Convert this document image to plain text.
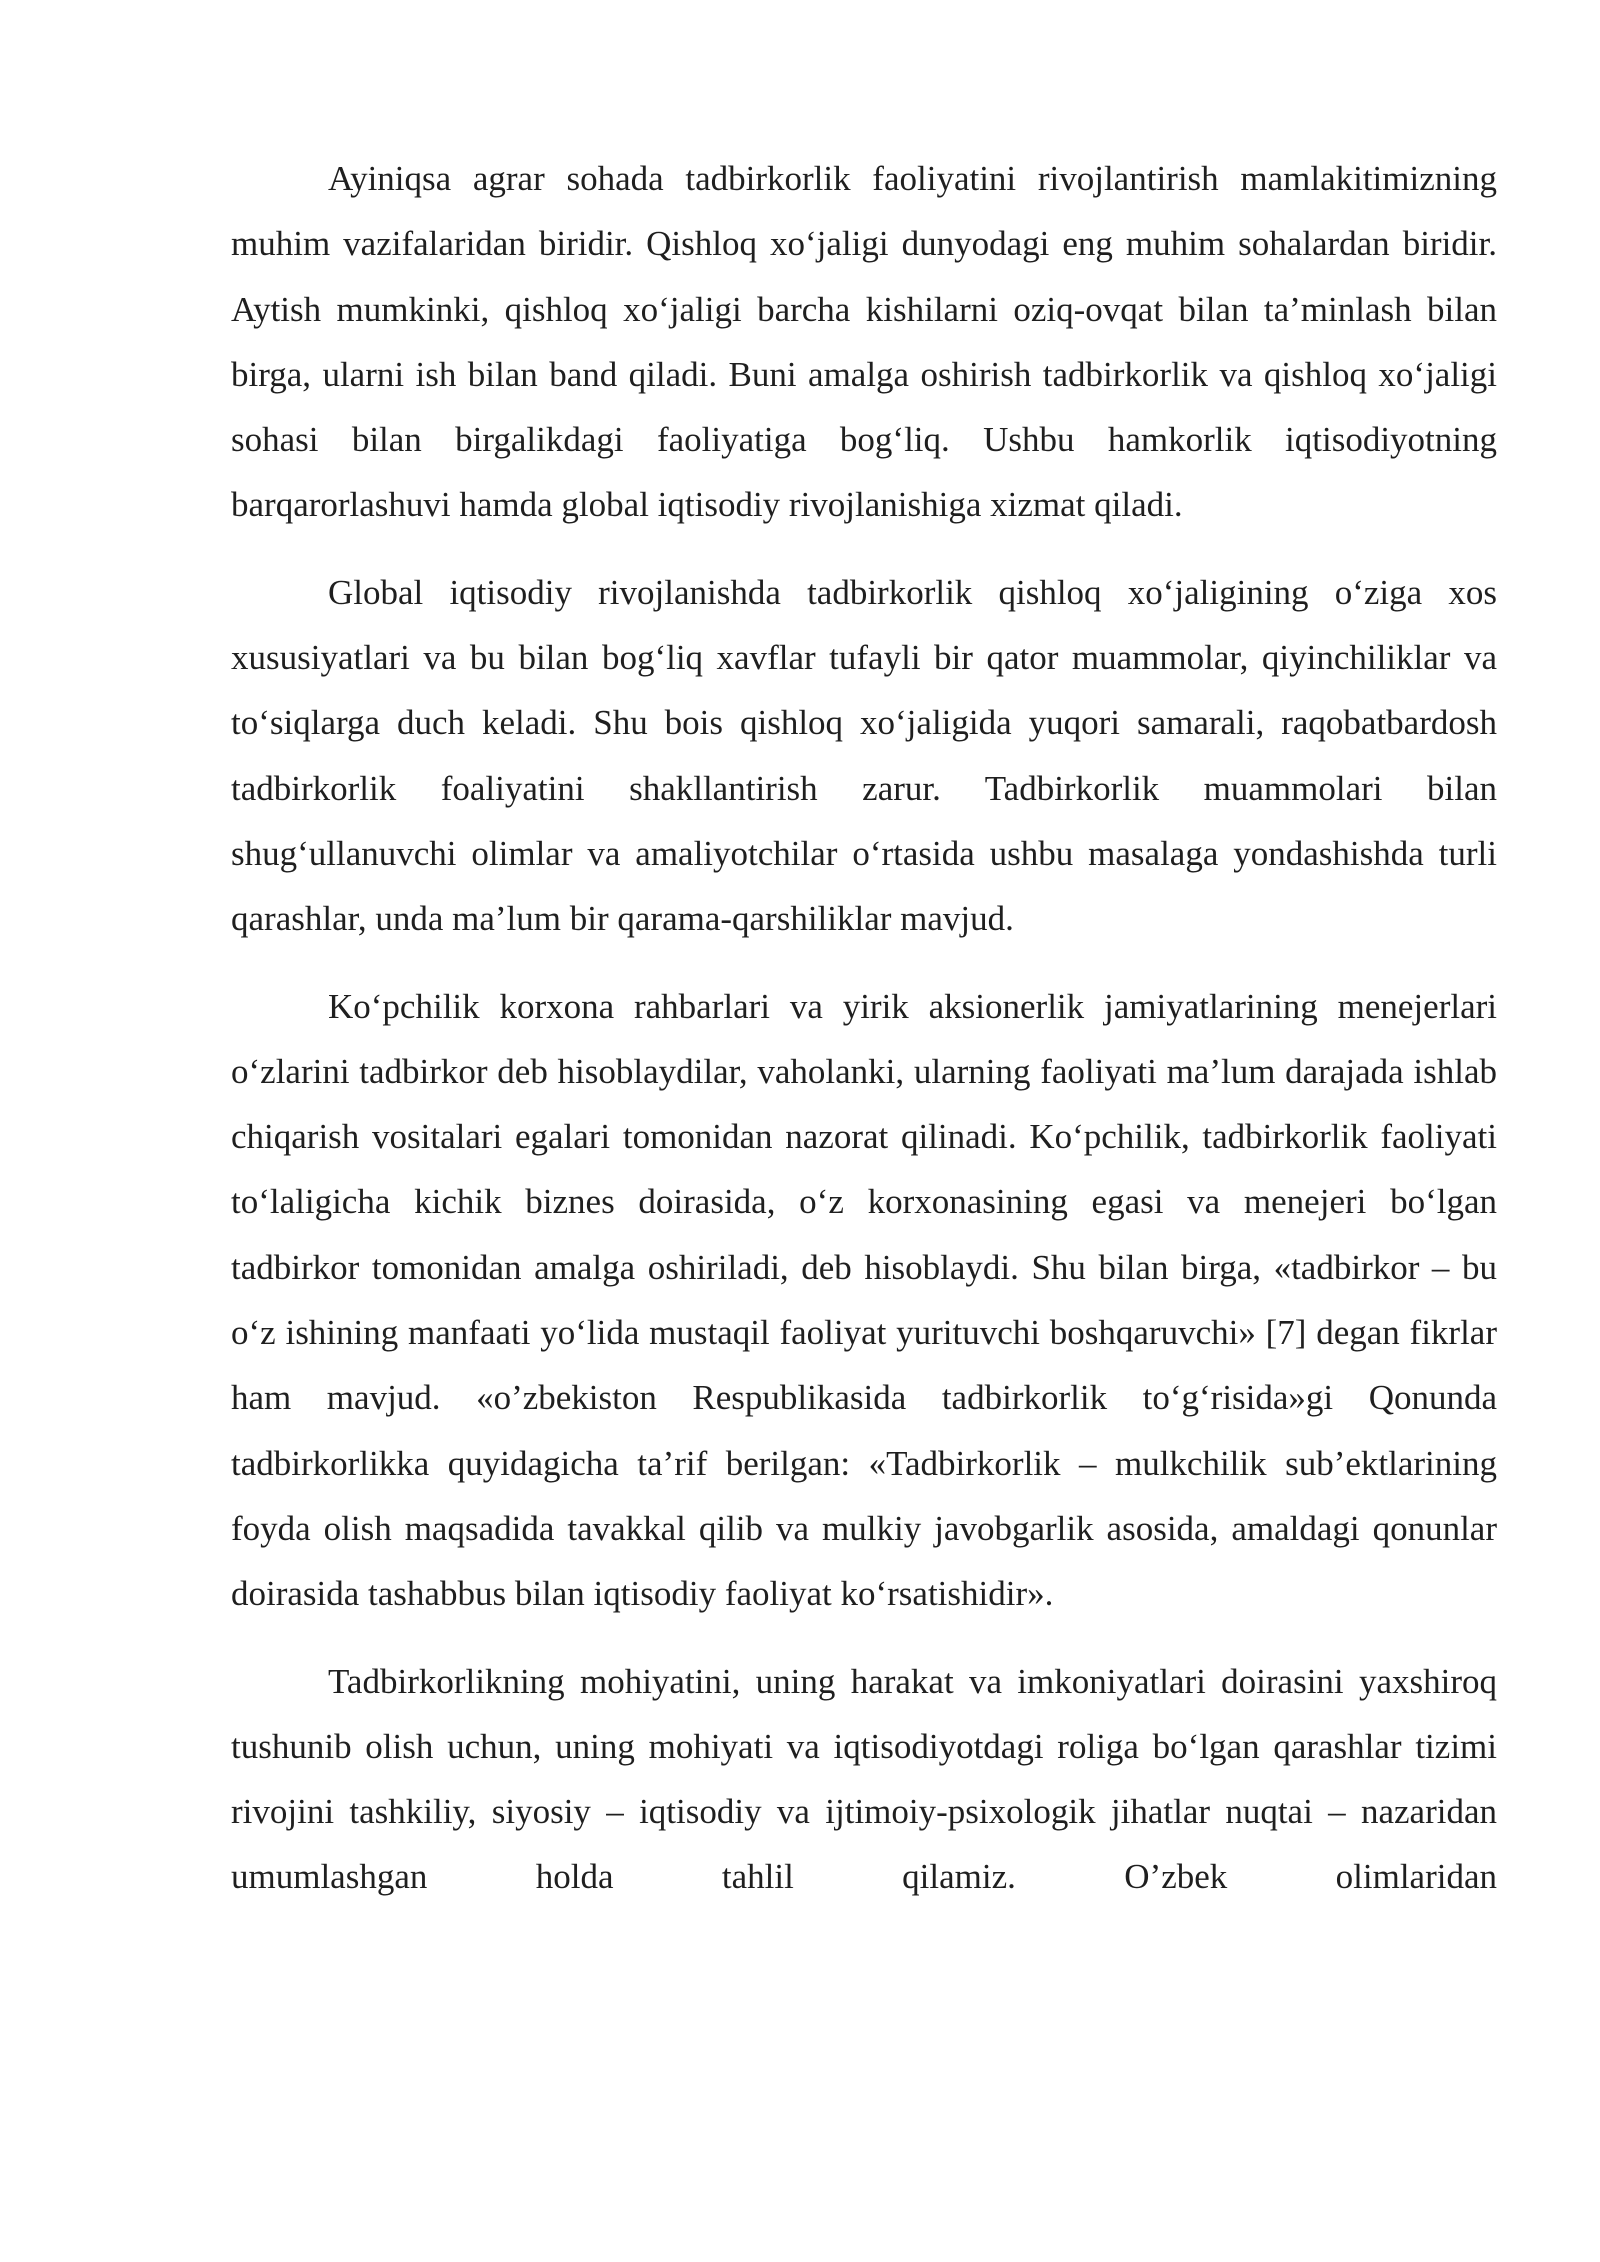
Ayiniqsa agrar sohada tadbirkorlik faoliyatini rivojlantirish mamlakitimizning muhim vazifalaridan biridir. Qishloq xo‘jaligi dunyodagi eng muhim sohalardan biridir. Aytish mumkinki, qishloq xo‘jaligi barcha kishilarni oziq-ovqat bilan ta’minlash bilan birga, ularni ish bilan band qiladi. Buni amalga oshirish tadbirkorlik va qishloq xo‘jaligi sohasi bilan birgalikdagi faoliyatiga bog‘liq. Ushbu hamkorlik iqtisodiyotning barqarorlashuvi hamda global iqtisodiy rivojlanishiga xizmat qiladi.

Global iqtisodiy rivojlanishda tadbirkorlik qishloq xo‘jaligining o‘ziga xos xususiyatlari va bu bilan bog‘liq xavflar tufayli bir qator muammolar, qiyinchiliklar va to‘siqlarga duch keladi. Shu bois qishloq xo‘jaligida yuqori samarali, raqobatbardosh tadbirkorlik foaliyatini shakllantirish zarur. Tadbirkorlik muammolari bilan shug‘ullanuvchi olimlar va amaliyotchilar o‘rtasida ushbu masalaga yondashishda turli qarashlar, unda ma’lum bir qarama-qarshiliklar mavjud.

Ko‘pchilik korxona rahbarlari va yirik aksionerlik jamiyatlarining menejerlari o‘zlarini tadbirkor deb hisoblaydilar, vaholanki, ularning faoliyati ma’lum darajada ishlab chiqarish vositalari egalari tomonidan nazorat qilinadi. Ko‘pchilik, tadbirkorlik faoliyati to‘laligicha kichik biznes doirasida, o‘z korxonasining egasi va menejeri bo‘lgan tadbirkor tomonidan amalga oshiriladi, deb hisoblaydi. Shu bilan birga, «tadbirkor – bu o‘z ishining manfaati yo‘lida mustaqil faoliyat yurituvchi boshqaruvchi» [7] degan fikrlar ham mavjud. «o’zbekiston Respublikasida tadbirkorlik to‘g‘risida»gi Qonunda tadbirkorlikka quyidagicha ta’rif berilgan: «Tadbirkorlik – mulkchilik sub’ektlarining foyda olish maqsadida tavakkal qilib va mulkiy javobgarlik asosida, amaldagi qonunlar doirasida tashabbus bilan iqtisodiy faoliyat ko‘rsatishidir».

Tadbirkorlikning mohiyatini, uning harakat va imkoniyatlari doirasini yaxshiroq tushunib olish uchun, uning mohiyati va iqtisodiyotdagi roliga bo‘lgan qarashlar tizimi rivojini tashkiliy, siyosiy – iqtisodiy va ijtimoiy-psixologik jihatlar nuqtai – nazaridan umumlashgan holda tahlil qilamiz. O’zbek olimlaridan
